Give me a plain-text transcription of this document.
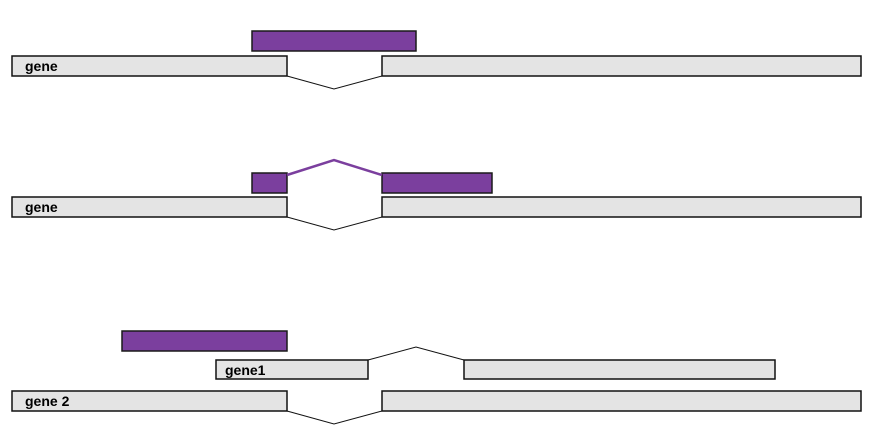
gene
gene
gene1
gene 2
